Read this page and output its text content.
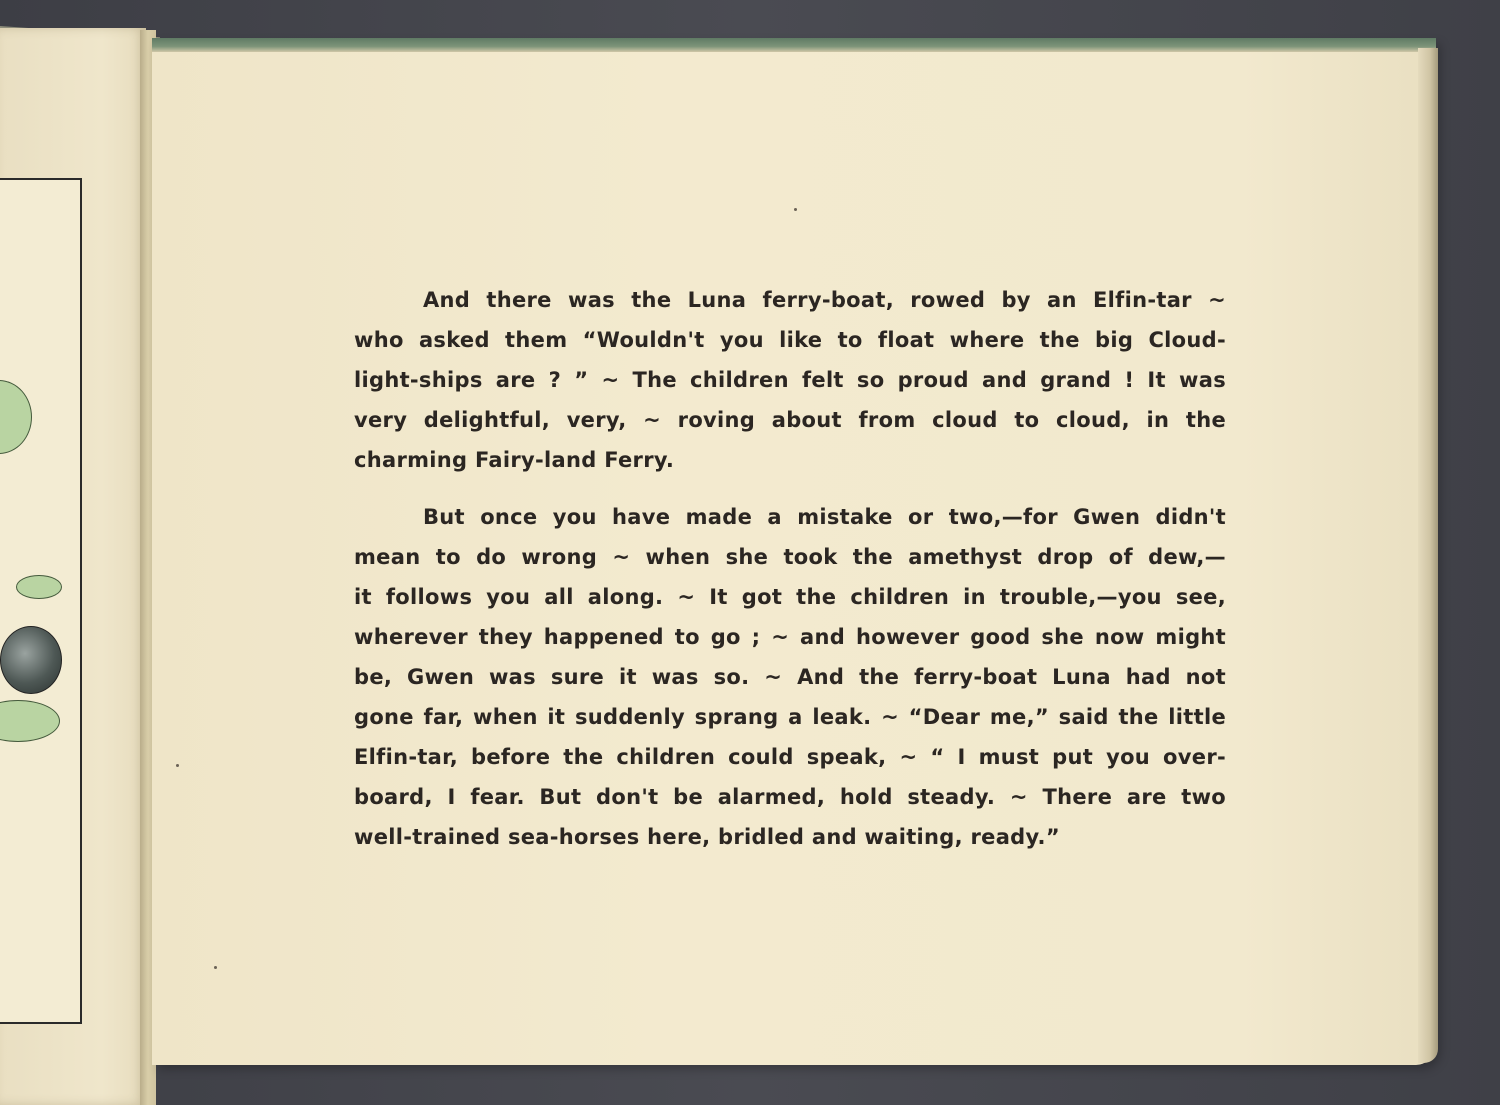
And there was the Luna ferry-boat, rowed by an Elfin-tar ~
who asked them “Wouldn't you like to float where the big Cloud-
light-ships are ? ” ~ The children felt so proud and grand ! It was
very delightful, very, ~ roving about from cloud to cloud, in the
charming Fairy-land Ferry.
But once you have made a mistake or two,—for Gwen didn't
mean to do wrong ~ when she took the amethyst drop of dew,—
it follows you all along. ~ It got the children in trouble,—you see,
wherever they happened to go ; ~ and however good she now might
be, Gwen was sure it was so. ~ And the ferry-boat Luna had not
gone far, when it suddenly sprang a leak. ~ “Dear me,” said the little
Elfin-tar, before the children could speak, ~ “ I must put you over-
board, I fear. But don't be alarmed, hold steady. ~ There are two
well-trained sea-horses here, bridled and waiting, ready.”
